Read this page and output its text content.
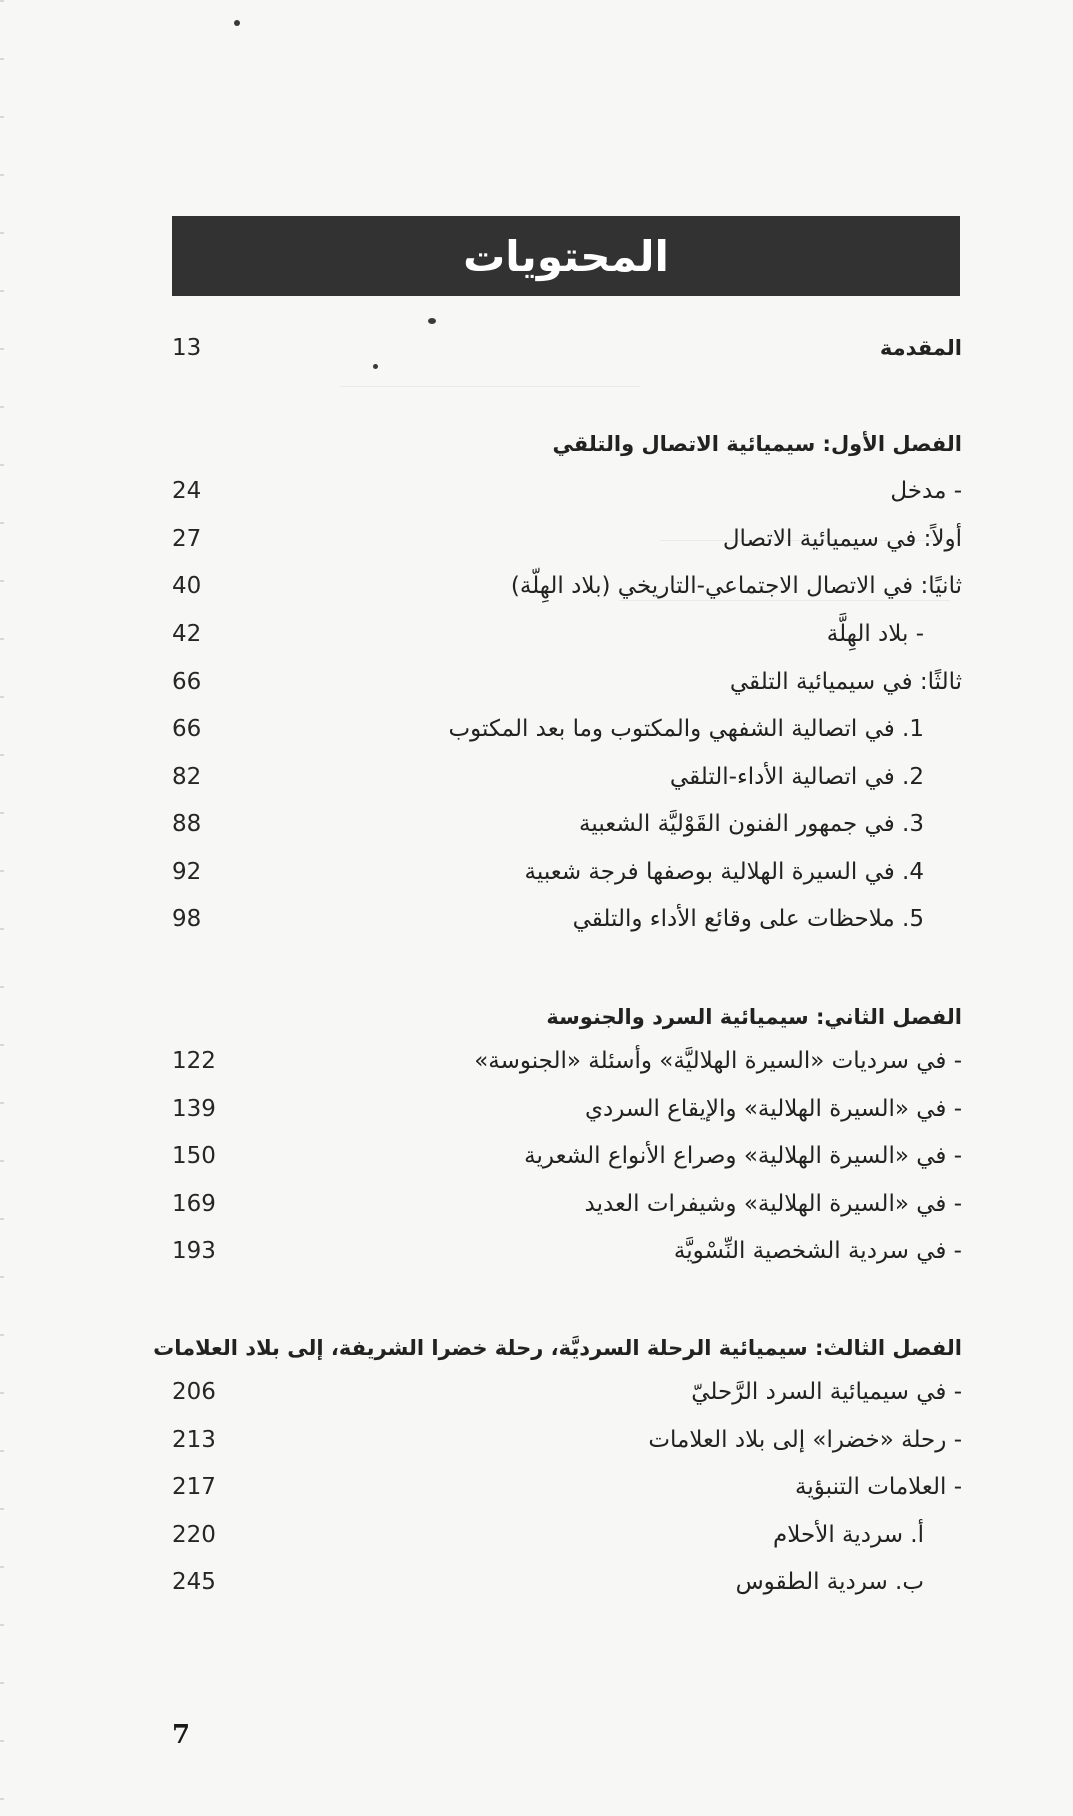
المحتويات
13	المقدمة
الفصل الأول: سيميائية الاتصال والتلقي
24	- مدخل
27	أولاً: في سيميائية الاتصال
40	ثانيًا: في الاتصال الاجتماعي-التاريخي (بلاد الهِلّة)
42	- بلاد الهِلَّة
66	ثالثًا: في سيميائية التلقي
66	1. في اتصالية الشفهي والمكتوب وما بعد المكتوب
82	2. في اتصالية الأداء-التلقي
88	3. في جمهور الفنون القَوْليَّة الشعبية
92	4. في السيرة الهلالية بوصفها فرجة شعبية
98	5. ملاحظات على وقائع الأداء والتلقي
الفصل الثاني: سيميائية السرد والجنوسة
122	- في سرديات «السيرة الهلاليَّة» وأسئلة «الجنوسة»
139	- في «السيرة الهلالية» والإيقاع السردي
150	- في «السيرة الهلالية» وصراع الأنواع الشعرية
169	- في «السيرة الهلالية» وشيفرات العديد
193	- في سردية الشخصية النِّسْويَّة
الفصل الثالث: سيميائية الرحلة السرديَّة، رحلة خضرا الشريفة، إلى بلاد العلامات
206	- في سيميائية السرد الرَّحليّ
213	- رحلة «خضرا» إلى بلاد العلامات
217	- العلامات التنبؤية
220	أ. سردية الأحلام
245	ب. سردية الطقوس
7
